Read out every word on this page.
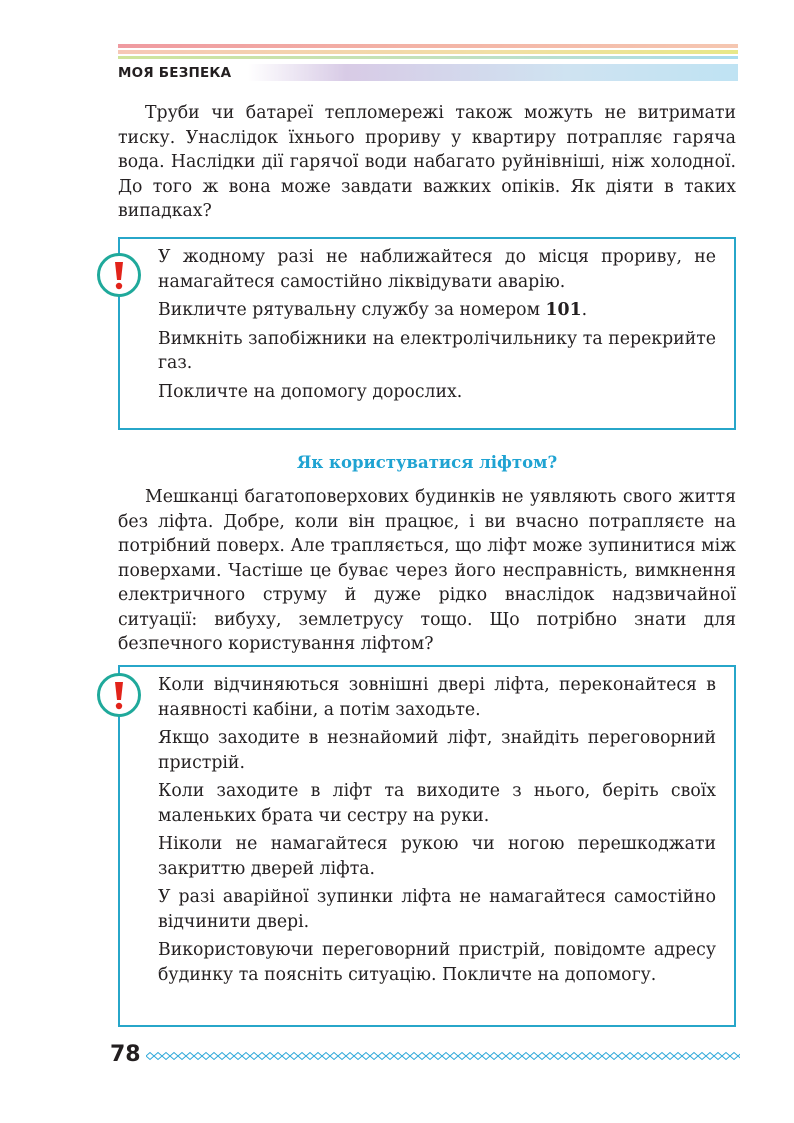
МОЯ БЕЗПЕКА

Труби чи батареї тепломережі також можуть не витримати тиску. Унаслідок їхнього прориву у квартиру потрапляє гаряча вода. Наслідки дії гарячої води набагато руйнівніші, ніж холодної. До того ж вона може завдати важких опіків. Як діяти в таких випадках?

У жодному разі не наближайтеся до місця прориву, не намагайтеся самостійно ліквідувати аварію.

Викличте рятувальну службу за номером 101.

Вимкніть запобіжники на електролічильнику та перекрийте газ.

Покличте на допомогу дорослих.

Як користуватися ліфтом?

Мешканці багатоповерхових будинків не уявляють свого життя без ліфта. Добре, коли він працює, і ви вчасно потрапляєте на потрібний поверх. Але трапляється, що ліфт може зупинитися між поверхами. Частіше це буває через його несправність, вимкнення електричного струму й дуже рідко внаслідок надзвичайної ситуації: вибуху, землетрусу тощо. Що потрібно знати для безпечного користування ліфтом?

Коли відчиняються зовнішні двері ліфта, переконайтеся в наявності кабіни, а потім заходьте.

Якщо заходите в незнайомий ліфт, знайдіть переговорний пристрій.

Коли заходите в ліфт та виходите з нього, беріть своїх маленьких брата чи сестру на руки.

Ніколи не намагайтеся рукою чи ногою перешкоджати закриттю дверей ліфта.

У разі аварійної зупинки ліфта не намагайтеся самостійно відчинити двері.

Використовуючи переговорний пристрій, повідомте адресу будинку та поясніть ситуацію. Покличте на допомогу.

78
